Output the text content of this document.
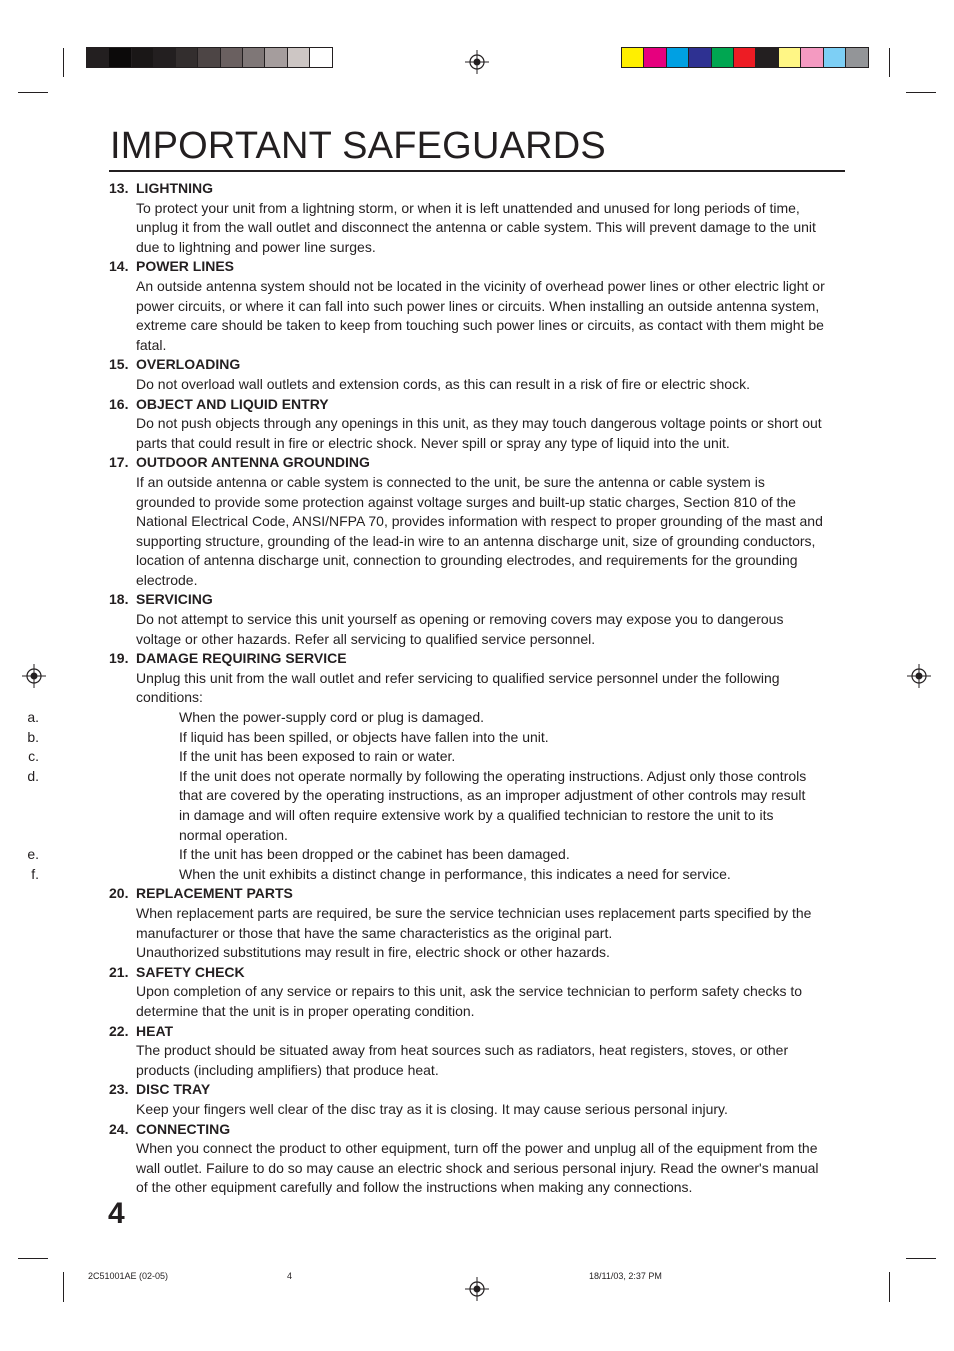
IMPORTANT SAFEGUARDS
13. LIGHTNING
To protect your unit from a lightning storm, or when it is left unattended and unused for long periods of time, unplug it from the wall outlet and disconnect the antenna or cable system. This will prevent damage to the unit due to lightning and power line surges.
14. POWER LINES
An outside antenna system should not be located in the vicinity of overhead power lines or other electric light or power circuits, or where it can fall into such power lines or circuits. When installing an outside antenna system, extreme care should be taken to keep from touching such power lines or circuits, as contact with them might be fatal.
15. OVERLOADING
Do not overload wall outlets and extension cords, as this can result in a risk of fire or electric shock.
16. OBJECT AND LIQUID ENTRY
Do not push objects through any openings in this unit, as they may touch dangerous voltage points or short out parts that could result in fire or electric shock. Never spill or spray any type of liquid into the unit.
17. OUTDOOR ANTENNA GROUNDING
If an outside antenna or cable system is connected to the unit, be sure the antenna or cable system is grounded to provide some protection against voltage surges and built-up static charges, Section 810 of the National Electrical Code, ANSI/NFPA 70, provides information with respect to proper grounding of the mast and supporting structure, grounding of the lead-in wire to an antenna discharge unit, size of grounding conductors, location of antenna discharge unit, connection to grounding electrodes, and requirements for the grounding electrode.
18. SERVICING
Do not attempt to service this unit yourself as opening or removing covers may expose you to dangerous voltage or other hazards. Refer all servicing to qualified service personnel.
19. DAMAGE REQUIRING SERVICE
Unplug this unit from the wall outlet and refer servicing to qualified service personnel under the following conditions:
a.	When the power-supply cord or plug is damaged.
b.	If liquid has been spilled, or objects have fallen into the unit.
c.	If the unit has been exposed to rain or water.
d.	If the unit does not operate normally by following the operating instructions. Adjust only those controls that are covered by the operating instructions, as an improper adjustment of other controls may result in damage and will often require extensive work by a qualified technician to restore the unit to its normal operation.
e.	If the unit has been dropped or the cabinet has been damaged.
f.	When the unit exhibits a distinct change in performance, this indicates a need for service.
20. REPLACEMENT PARTS
When replacement parts are required, be sure the service technician uses replacement parts specified by the manufacturer or those that have the same characteristics as the original part.
Unauthorized substitutions may result in fire, electric shock or other hazards.
21. SAFETY CHECK
Upon completion of any service or repairs to this unit, ask the service technician to perform safety checks to determine that the unit is in proper operating condition.
22. HEAT
The product should be situated away from heat sources such as radiators, heat registers, stoves, or other products (including amplifiers) that produce heat.
23. DISC TRAY
Keep your fingers well clear of the disc tray as it is closing. It may cause serious personal injury.
24. CONNECTING
When you connect the product to other equipment, turn off the power and unplug all of the equipment from the wall outlet. Failure to do so may cause an electric shock and serious personal injury. Read the owner's manual of the other equipment carefully and follow the instructions when making any connections.
4
2C51001AE (02-05)	4	18/11/03, 2:37 PM
